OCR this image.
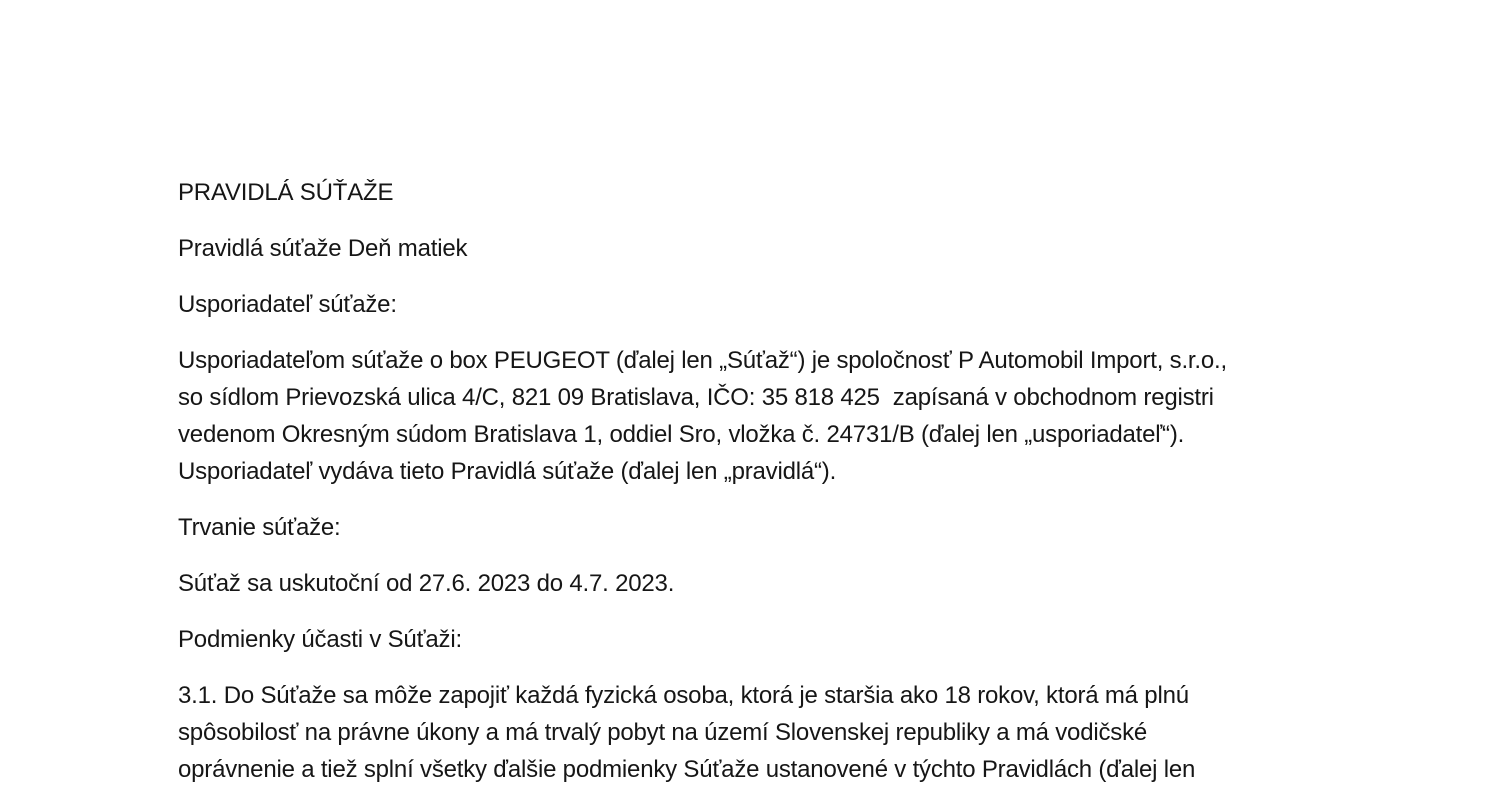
PRAVIDLÁ SÚŤAŽE
Pravidlá súťaže Deň matiek
Usporiadateľ súťaže:
Usporiadateľom súťaže o box PEUGEOT (ďalej len „Súťaž“) je spoločnosť P Automobil Import, s.r.o.,
so sídlom Prievozská ulica 4/C, 821 09 Bratislava, IČO: 35 818 425  zapísaná v obchodnom registri
vedenom Okresným súdom Bratislava 1, oddiel Sro, vložka č. 24731/B (ďalej len „usporiadateľ“).
Usporiadateľ vydáva tieto Pravidlá súťaže (ďalej len „pravidlá“).
Trvanie súťaže:
Súťaž sa uskutoční od 27.6. 2023 do 4.7. 2023.
Podmienky účasti v Súťaži:
3.1. Do Súťaže sa môže zapojiť každá fyzická osoba, ktorá je staršia ako 18 rokov, ktorá má plnú
spôsobilosť na právne úkony a má trvalý pobyt na území Slovenskej republiky a má vodičské
oprávnenie a tiež splní všetky ďalšie podmienky Súťaže ustanovené v týchto Pravidlách (ďalej len
